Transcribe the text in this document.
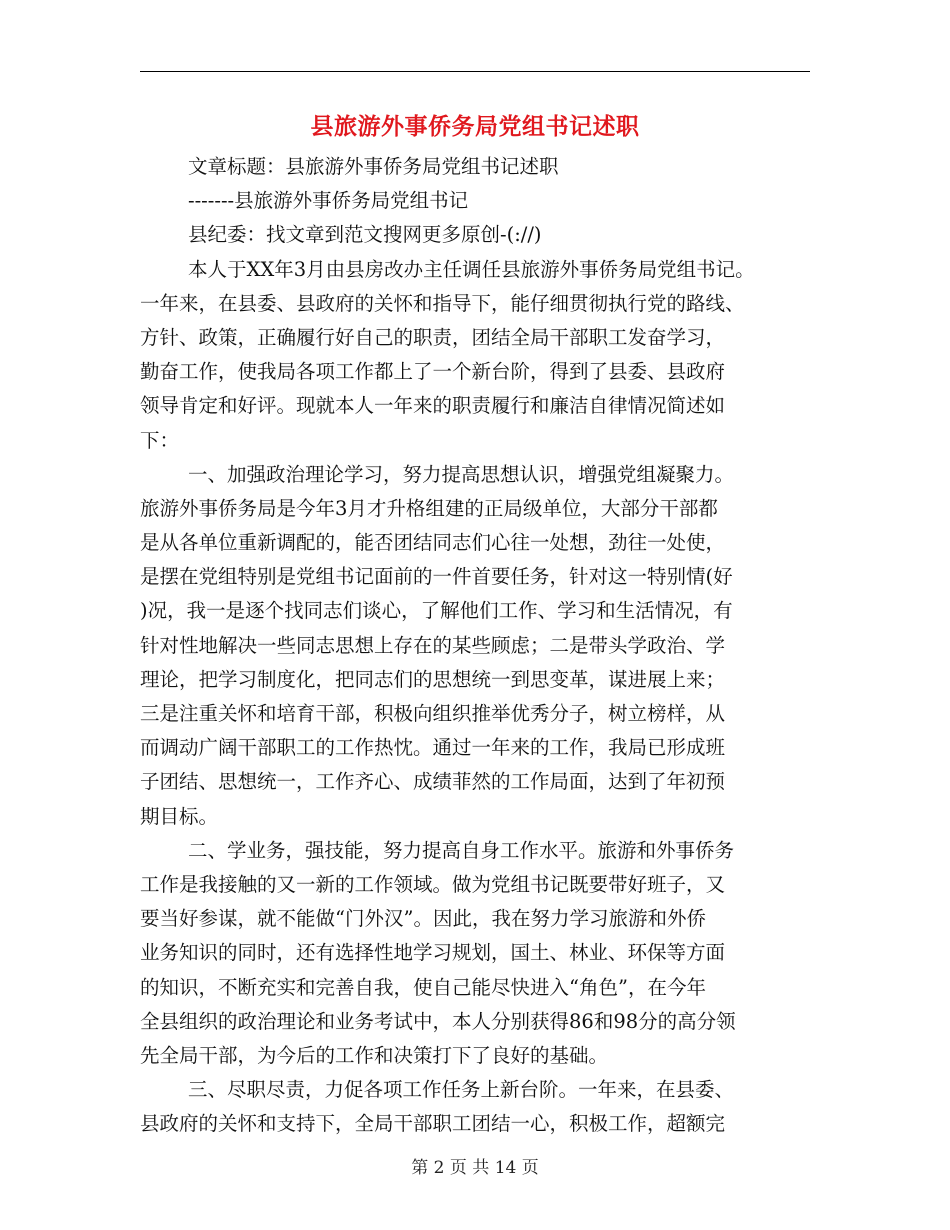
县旅游外事侨务局党组书记述职
文章标题：县旅游外事侨务局党组书记述职
-------县旅游外事侨务局党组书记
县纪委：找文章到范文搜网更多原创-(://)
本人于XX年3月由县房改办主任调任县旅游外事侨务局党组书记。
一年来，在县委、县政府的关怀和指导下，能仔细贯彻执行党的路线、
方针、政策，正确履行好自己的职责，团结全局干部职工发奋学习，
勤奋工作，使我局各项工作都上了一个新台阶，得到了县委、县政府
领导肯定和好评。现就本人一年来的职责履行和廉洁自律情况简述如
下：
一、加强政治理论学习，努力提高思想认识，增强党组凝聚力。
旅游外事侨务局是今年3月才升格组建的正局级单位，大部分干部都
是从各单位重新调配的，能否团结同志们心往一处想，劲往一处使，
是摆在党组特别是党组书记面前的一件首要任务，针对这一特别情(好
)况，我一是逐个找同志们谈心，了解他们工作、学习和生活情况，有
针对性地解决一些同志思想上存在的某些顾虑；二是带头学政治、学
理论，把学习制度化，把同志们的思想统一到思变革，谋进展上来；
三是注重关怀和培育干部，积极向组织推举优秀分子，树立榜样，从
而调动广阔干部职工的工作热忱。通过一年来的工作，我局已形成班
子团结、思想统一，工作齐心、成绩菲然的工作局面，达到了年初预
期目标。
二、学业务，强技能，努力提高自身工作水平。旅游和外事侨务
工作是我接触的又一新的工作领域。做为党组书记既要带好班子，又
要当好参谋，就不能做“门外汉”。因此，我在努力学习旅游和外侨
业务知识的同时，还有选择性地学习规划，国土、林业、环保等方面
的知识，不断充实和完善自我，使自己能尽快进入“角色”，在今年
全县组织的政治理论和业务考试中，本人分别获得86和98分的高分领
先全局干部，为今后的工作和决策打下了良好的基础。
三、尽职尽责，力促各项工作任务上新台阶。一年来，在县委、
县政府的关怀和支持下，全局干部职工团结一心，积极工作，超额完
第 2 页 共 14 页
